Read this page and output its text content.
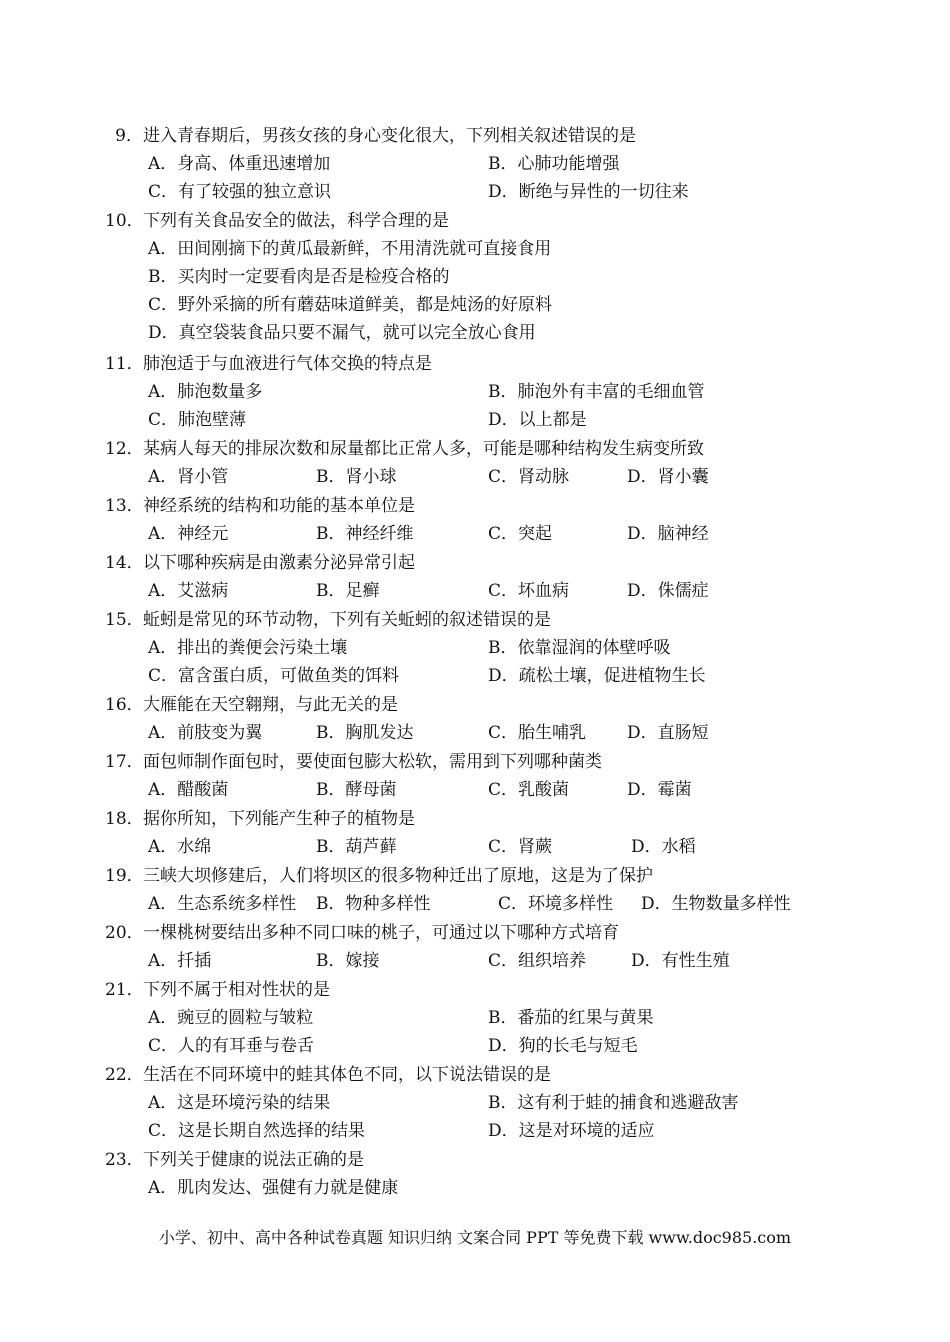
9．进入青春期后，男孩女孩的身心变化很大，下列相关叙述错误的是
A．身高、体重迅速增加	B．心肺功能增强
C．有了较强的独立意识	D．断绝与异性的一切往来
10．下列有关食品安全的做法，科学合理的是
A．田间刚摘下的黄瓜最新鲜，不用清洗就可直接食用
B．买肉时一定要看肉是否是检疫合格的
C．野外采摘的所有蘑菇味道鲜美，都是炖汤的好原料
D．真空袋装食品只要不漏气，就可以完全放心食用
11．肺泡适于与血液进行气体交换的特点是
A．肺泡数量多	B．肺泡外有丰富的毛细血管
C．肺泡壁薄	D．以上都是
12．某病人每天的排尿次数和尿量都比正常人多，可能是哪种结构发生病变所致
A．肾小管	B．肾小球	C．肾动脉	D．肾小囊
13．神经系统的结构和功能的基本单位是
A．神经元	B．神经纤维	C．突起	D．脑神经
14．以下哪种疾病是由激素分泌异常引起
A．艾滋病	B．足癣	C．坏血病	D．侏儒症
15．蚯蚓是常见的环节动物，下列有关蚯蚓的叙述错误的是
A．排出的粪便会污染土壤	B．依靠湿润的体壁呼吸
C．富含蛋白质，可做鱼类的饵料	D．疏松土壤，促进植物生长
16．大雁能在天空翱翔，与此无关的是
A．前肢变为翼	B．胸肌发达	C．胎生哺乳 D．直肠短
17．面包师制作面包时，要使面包膨大松软，需用到下列哪种菌类
A．醋酸菌	B．酵母菌	C．乳酸菌	D．霉菌
18．据你所知，下列能产生种子的植物是
A．水绵	B．葫芦藓	C．肾蕨	D．水稻
19．三峡大坝修建后，人们将坝区的很多物种迁出了原地，这是为了保护
A．生态系统多样性 B．物种多样性	C．环境多样性 D．生物数量多样性
20．一棵桃树要结出多种不同口味的桃子，可通过以下哪种方式培育
A．扦插	B．嫁接	C．组织培养	D．有性生殖
21．下列不属于相对性状的是
A．豌豆的圆粒与皱粒	B．番茄的红果与黄果
C．人的有耳垂与卷舌	D．狗的长毛与短毛
22．生活在不同环境中的蛙其体色不同，以下说法错误的是
A．这是环境污染的结果	B．这有利于蛙的捕食和逃避敌害
C．这是长期自然选择的结果	D．这是对环境的适应
23．下列关于健康的说法正确的是
A．肌肉发达、强健有力就是健康
小学、初中、高中各种试卷真题 知识归纳 文案合同 PPT 等免费下载 www.doc985.com
